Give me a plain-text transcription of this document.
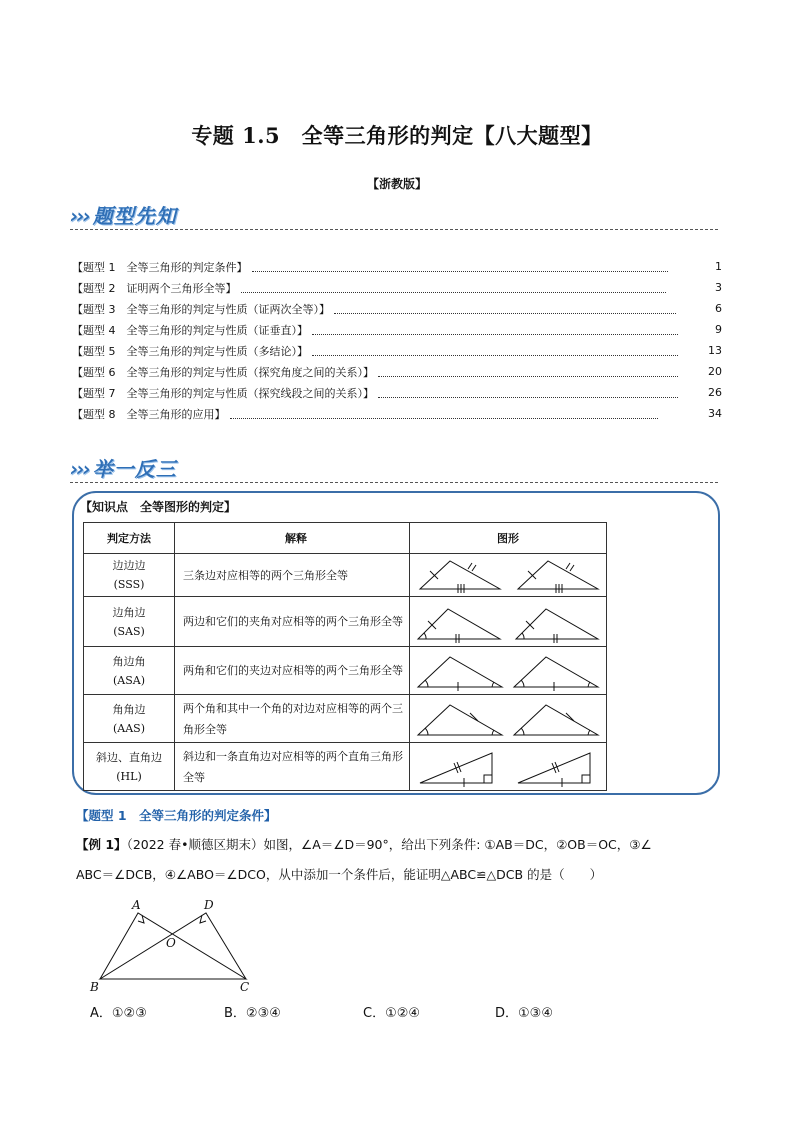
专题 1.5　全等三角形的判定【八大题型】
【浙教版】
››› 题型先知
【题型 1　全等三角形的判定条件】	1
【题型 2　证明两个三角形全等】	3
【题型 3　全等三角形的判定与性质（证两次全等）】	6
【题型 4　全等三角形的判定与性质（证垂直）】	9
【题型 5　全等三角形的判定与性质（多结论）】	13
【题型 6　全等三角形的判定与性质（探究角度之间的关系）】	20
【题型 7　全等三角形的判定与性质（探究线段之间的关系）】	26
【题型 8　全等三角形的应用】	34
››› 举一反三
【知识点　全等图形的判定】
判定方法	解释	图形

边边边
(SSS)	三条边对应相等的两个三角形全等	

边角边
(SAS)	两边和它们的夹角对应相等的两个三角形全等	

角边角
(ASA)	两角和它们的夹边对应相等的两个三角形全等	

角角边
(AAS)	两个角和其中一个角的对边对应相等的两个三角形全等	

斜边、直角边
(HL)	斜边和一条直角边对应相等的两个直角三角形全等	
【题型 1　全等三角形的判定条件】
【例 1】（2022 春•顺德区期末）如图，∠A＝∠D＝90°，给出下列条件: ①AB＝DC，②OB＝OC，③∠
ABC＝∠DCB，④∠ABO＝∠DCO，从中添加一个条件后，能证明△ABC≌△DCB 的是（　　）
A	D
O
B	C
A．①②③	B．②③④	C．①②④	D．①③④
